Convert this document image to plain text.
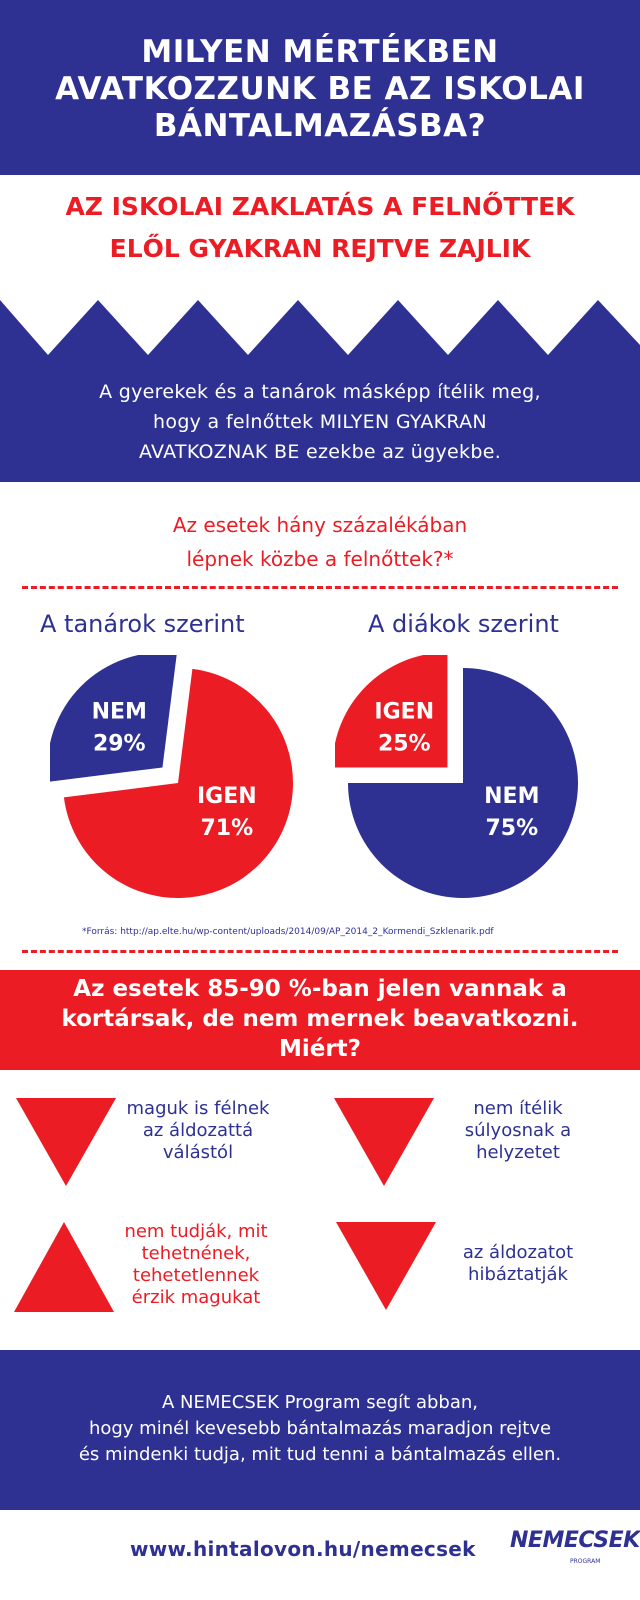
MILYEN MÉRTÉKBEN
AVATKOZZUNK BE AZ ISKOLAI
BÁNTALMAZÁSBA?
AZ ISKOLAI ZAKLATÁS A FELNŐTTEK
ELŐL GYAKRAN REJTVE ZAJLIK
A gyerekek és a tanárok másképp ítélik meg,
hogy a felnőttek MILYEN GYAKRAN
AVATKOZNAK BE ezekbe az ügyekbe.
Az esetek hány százalékában
lépnek közbe a felnőttek?*
A tanárok szerint	A diákok szerint
NEM
29%
IGEN
71%
IGEN
25%
NEM
75%
*Forrás: http://ap.elte.hu/wp-content/uploads/2014/09/AP_2014_2_Kormendi_Szklenarik.pdf
Az esetek 85-90 %-ban jelen vannak a
kortársak, de nem mernek beavatkozni.
Miért?
maguk is félnek
az áldozattá
válástól
nem ítélik
súlyosnak a
helyzetet
nem tudják, mit
tehetnének,
tehetetlennek
érzik magukat
az áldozatot
hibáztatják
A NEMECSEK Program segít abban,
hogy minél kevesebb bántalmazás maradjon rejtve
és mindenki tudja, mit tud tenni a bántalmazás ellen.
www.hintalovon.hu/nemecsek NEMECSEK
PROGRAM
